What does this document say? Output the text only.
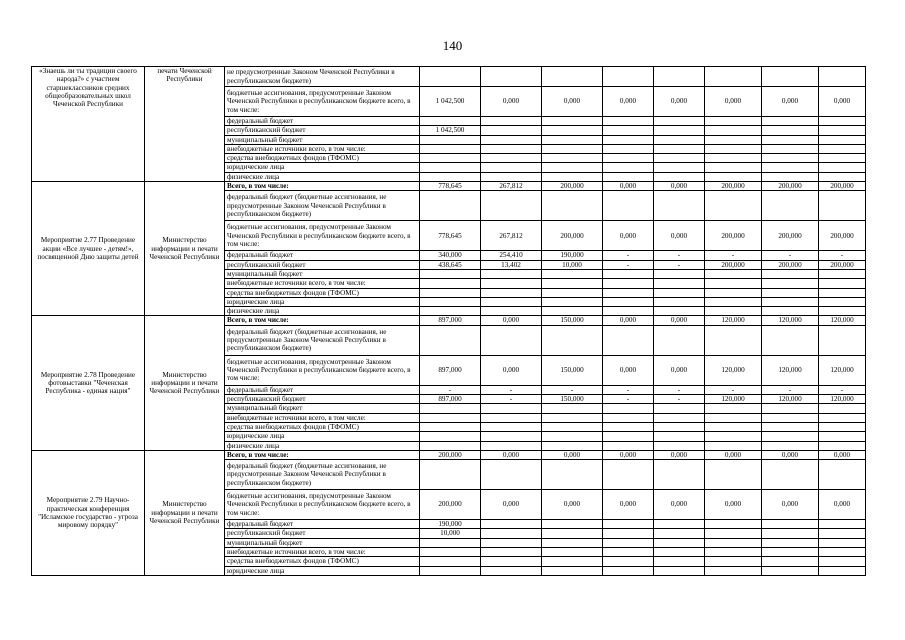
140
«Знаешь ли ты традиции своего народа?» с участием старшеклассников средних общеобразовательных школ Чеченской Республики	печати Чеченской Республики	не предусмотренные Законом Чеченской Республики в республиканском бюджете)								
		бюджетные ассигнования, предусмотренные Законом Чеченской Республики в республиканском бюджете всего, в том числе:	1 042,500	0,000	0,000	0,000	0,000	0,000	0,000	0,000
		федеральный бюджет								
		республиканский бюджет	1 042,500							
		муниципальный бюджет								
		внебюджетные источники всего, в том числе:								
		средства внебюджетных фондов (ТФОМС)								
		юридические лица								
		физические лица								
Мероприятие 2.77 Проведение акции «Все лучшее - детям!», посвященной Дню защиты детей	Министерство информации и печати Чеченской Республики	Всего, в том числе:	778,645	267,812	200,000	0,000	0,000	200,000	200,000	200,000
		федеральный бюджет (бюджетные ассигнования, не предусмотренные Законом Чеченской Республики в республиканском бюджете)								
		бюджетные ассигнования, предусмотренные Законом Чеченской Республики в республиканском бюджете всего, в том числе:	778,645	267,812	200,000	0,000	0,000	200,000	200,000	200,000
		федеральный бюджет	340,000	254,410	190,000	-	-	-	-	-
		республиканский бюджет	438,645	13,402	10,000	-	-	200,000	200,000	200,000
		муниципальный бюджет								
		внебюджетные источники всего, в том числе:								
		средства внебюджетных фондов (ТФОМС)								
		юридические лица								
		физические лица								
Мероприятие 2.78 Проведение фотовыставки "Чеченская Республика - единая нация"	Министерство информации и печати Чеченской Республики	Всего, в том числе:	897,000	0,000	150,000	0,000	0,000	120,000	120,000	120,000
		федеральный бюджет (бюджетные ассигнования, не предусмотренные Законом Чеченской Республики в республиканском бюджете)								
		бюджетные ассигнования, предусмотренные Законом Чеченской Республики в республиканском бюджете всего, в том числе:	897,000	0,000	150,000	0,000	0,000	120,000	120,000	120,000
		федеральный бюджет	-	-	-	-	-	-	-	-
		республиканский бюджет	897,000	-	150,000	-	-	120,000	120,000	120,000
		муниципальный бюджет								
		внебюджетные источники всего, в том числе:								
		средства внебюджетных фондов (ТФОМС)								
		юридические лица								
		физические лица								
Мероприятие 2.79 Научно-практическая конференция "Исламское государство - угроза мировому порядку"	Министерство информации и печати Чеченской Республики	Всего, в том числе:	200,000	0,000	0,000	0,000	0,000	0,000	0,000	0,000
		федеральный бюджет (бюджетные ассигнования, не предусмотренные Законом Чеченской Республики в республиканском бюджете)								
		бюджетные ассигнования, предусмотренные Законом Чеченской Республики в республиканском бюджете всего, в том числе:	200,000	0,000	0,000	0,000	0,000	0,000	0,000	0,000
		федеральный бюджет	190,000							
		республиканский бюджет	10,000							
		муниципальный бюджет								
		внебюджетные источники всего, в том числе:								
		средства внебюджетных фондов (ТФОМС)								
		юридические лица								
